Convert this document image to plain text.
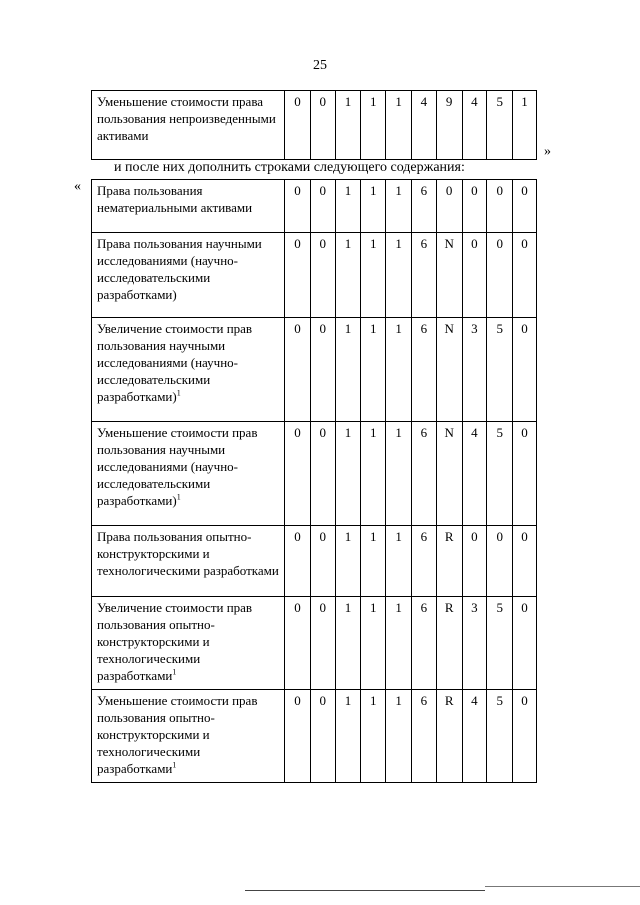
25
Уменьшение стоимости права пользования непроизведенными активами	0	0	1	1	1	4	9	4	5	1
»
и после них дополнить строками следующего содержания:
« Права пользования нематериальными активами	0	0	1	1	1	6	0	0	0	0
Права пользования научными исследованиями (научно-исследовательскими разработками)	0	0	1	1	1	6	N	0	0	0
Увеличение стоимости прав пользования научными исследованиями (научно-исследовательскими разработками)$^1$	0	0	1	1	1	6	N	3	5	0
Уменьшение стоимости прав пользования научными исследованиями (научно-исследовательскими разработками)$^1$	0	0	1	1	1	6	N	4	5	0
Права пользования опытно-конструкторскими и технологическими разработками	0	0	1	1	1	6	R	0	0	0
Увеличение стоимости прав пользования опытно-конструкторскими и технологическими разработками$^1$	0	0	1	1	1	6	R	3	5	0
Уменьшение стоимости прав пользования опытно-конструкторскими и технологическими разработками$^1$	0	0	1	1	1	6	R	4	5	0
